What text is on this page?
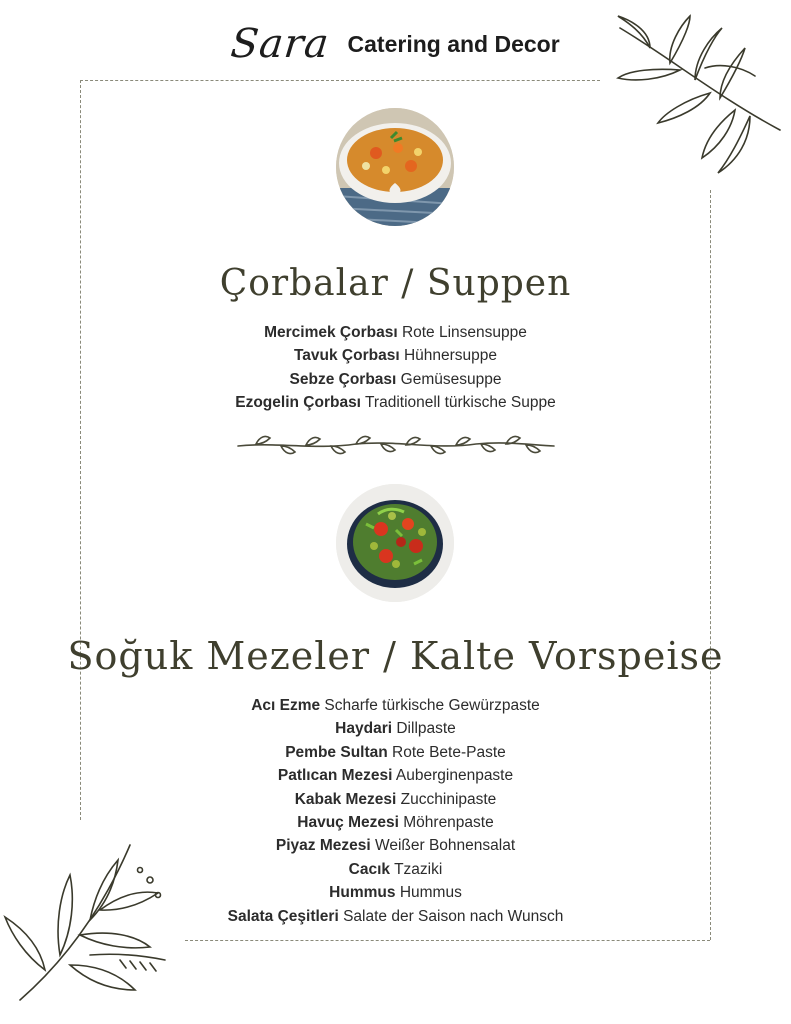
Sara Catering and Decor
Çorbalar / Suppen
Mercimek Çorbası Rote Linsensuppe
Tavuk Çorbası Hühnersuppe
Sebze Çorbası Gemüsesuppe
Ezogelin Çorbası Traditionell türkische Suppe
Soğuk Mezeler / Kalte Vorspeise
Acı Ezme Scharfe türkische Gewürzpaste
Haydari Dillpaste
Pembe Sultan Rote Bete-Paste
Patlıcan Mezesi Auberginenpaste
Kabak Mezesi Zucchinipaste
Havuç Mezesi Möhrenpaste
Piyaz Mezesi Weißer Bohnensalat
Cacık Tzaziki
Hummus Hummus
Salata Çeşitleri Salate der Saison nach Wunsch
